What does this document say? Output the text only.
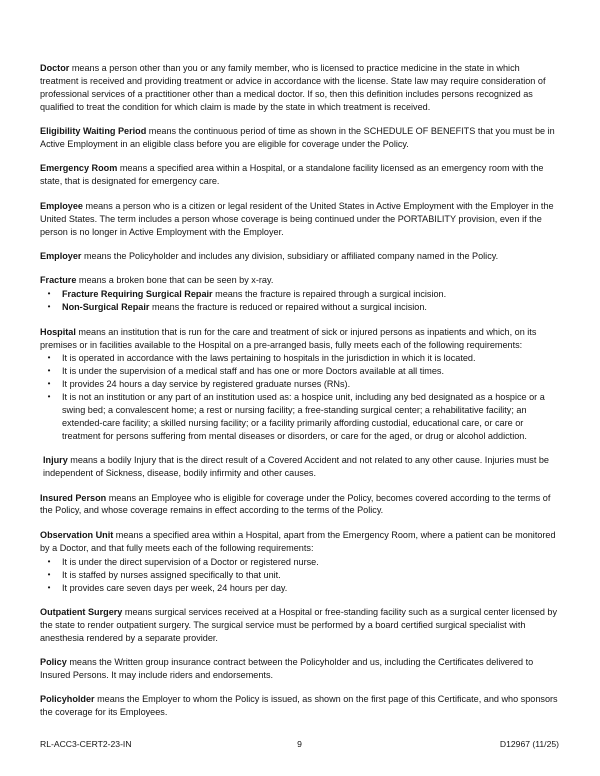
Doctor means a person other than you or any family member, who is licensed to practice medicine in the state in which treatment is received and providing treatment or advice in accordance with the license. State law may require consideration of professional services of a practitioner other than a medical doctor. If so, then this definition includes persons recognized as qualified to treat the condition for which claim is made by the state in which treatment is received.

Eligibility Waiting Period means the continuous period of time as shown in the SCHEDULE OF BENEFITS that you must be in Active Employment in an eligible class before you are eligible for coverage under the Policy.

Emergency Room means a specified area within a Hospital, or a standalone facility licensed as an emergency room with the state, that is designated for emergency care.

Employee means a person who is a citizen or legal resident of the United States in Active Employment with the Employer in the United States. The term includes a person whose coverage is being continued under the PORTABILITY provision, even if the person is no longer in Active Employment with the Employer.

Employer means the Policyholder and includes any division, subsidiary or affiliated company named in the Policy.

Fracture means a broken bone that can be seen by x-ray.

• Fracture Requiring Surgical Repair means the fracture is repaired through a surgical incision.
• Non-Surgical Repair means the fracture is reduced or repaired without a surgical incision.

Hospital means an institution that is run for the care and treatment of sick or injured persons as inpatients and which, on its premises or in facilities available to the Hospital on a pre-arranged basis, fully meets each of the following requirements:

• It is operated in accordance with the laws pertaining to hospitals in the jurisdiction in which it is located.
• It is under the supervision of a medical staff and has one or more Doctors available at all times.
• It provides 24 hours a day service by registered graduate nurses (RNs).
• It is not an institution or any part of an institution used as: a hospice unit, including any bed designated as a hospice or a swing bed; a convalescent home; a rest or nursing facility; a free-standing surgical center; a rehabilitative facility; an extended-care facility; a skilled nursing facility; or a facility primarily affording custodial, educational care, or care or treatment for persons suffering from mental diseases or disorders, or care for the aged, or drug or alcohol addiction.

Injury means a bodily Injury that is the direct result of a Covered Accident and not related to any other cause. Injuries must be independent of Sickness, disease, bodily infirmity and other causes.

Insured Person means an Employee who is eligible for coverage under the Policy, becomes covered according to the terms of the Policy, and whose coverage remains in effect according to the terms of the Policy.

Observation Unit means a specified area within a Hospital, apart from the Emergency Room, where a patient can be monitored by a Doctor, and that fully meets each of the following requirements:

• It is under the direct supervision of a Doctor or registered nurse.
• It is staffed by nurses assigned specifically to that unit.
• It provides care seven days per week, 24 hours per day.

Outpatient Surgery means surgical services received at a Hospital or free-standing facility such as a surgical center licensed by the state to render outpatient surgery. The surgical service must be performed by a board certified surgical specialist with anesthesia rendered by a separate provider.

Policy means the Written group insurance contract between the Policyholder and us, including the Certificates delivered to Insured Persons. It may include riders and endorsements.

Policyholder means the Employer to whom the Policy is issued, as shown on the first page of this Certificate, and who sponsors the coverage for its Employees.

RL-ACC3-CERT2-23-IN	9	D12967 (11/25)
